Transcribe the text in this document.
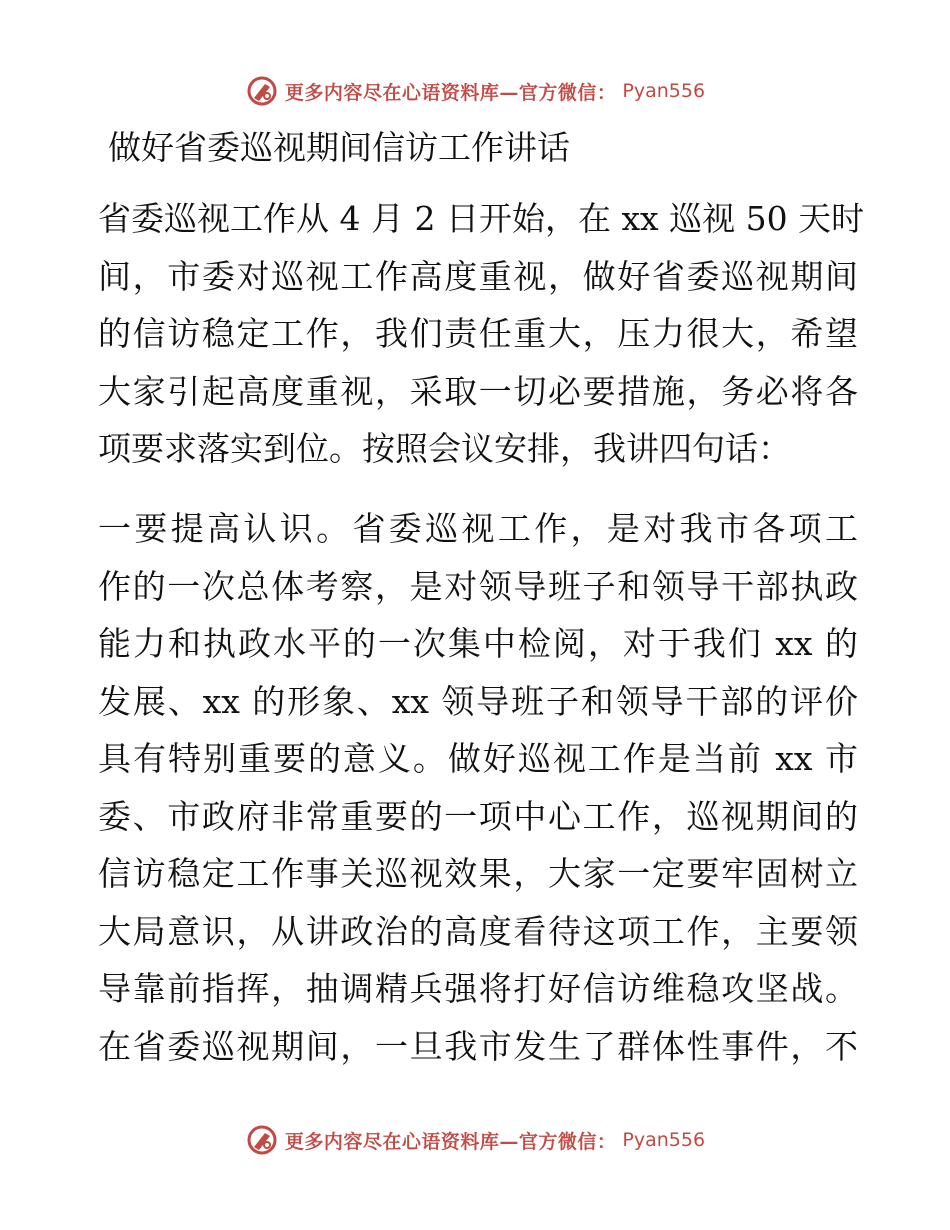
更多内容尽在心语资料库—官方微信： Pyan556
做好省委巡视期间信访工作讲话
省委巡视工作从 4 月 2 日开始，在 xx 巡视 50 天时
间，市委对巡视工作高度重视，做好省委巡视期间
的信访稳定工作，我们责任重大，压力很大，希望
大家引起高度重视，采取一切必要措施，务必将各
项要求落实到位。按照会议安排，我讲四句话：
一要提高认识。省委巡视工作，是对我市各项工
作的一次总体考察，是对领导班子和领导干部执政
能力和执政水平的一次集中检阅，对于我们 xx 的
发展、xx 的形象、xx 领导班子和领导干部的评价
具有特别重要的意义。做好巡视工作是当前 xx 市
委、市政府非常重要的一项中心工作，巡视期间的
信访稳定工作事关巡视效果，大家一定要牢固树立
大局意识，从讲政治的高度看待这项工作，主要领
导靠前指挥，抽调精兵强将打好信访维稳攻坚战。
在省委巡视期间，一旦我市发生了群体性事件，不
更多内容尽在心语资料库—官方微信： Pyan556
